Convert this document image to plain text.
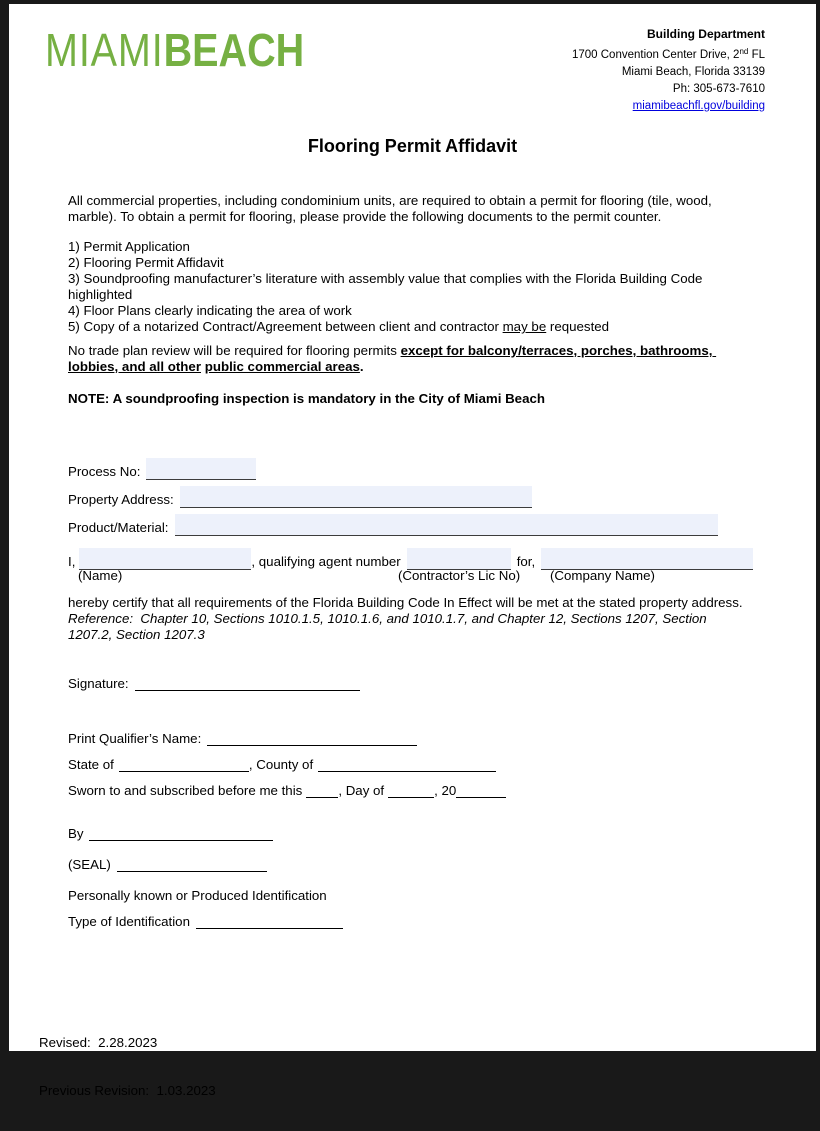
MIAMIBEACH	Building Department
1700 Convention Center Drive, 2nd FL
Miami Beach, Florida 33139
Ph: 305-673-7610
miamibeachfl.gov/building
Flooring Permit Affidavit
All commercial properties, including condominium units, are required to obtain a permit for flooring (tile, wood, marble). To obtain a permit for flooring, please provide the following documents to the permit counter.
1) Permit Application
2) Flooring Permit Affidavit
3) Soundproofing manufacturer’s literature with assembly value that complies with the Florida Building Code highlighted
4) Floor Plans clearly indicating the area of work
5) Copy of a notarized Contract/Agreement between client and contractor may be requested
No trade plan review will be required for flooring permits except for balcony/terraces, porches, bathrooms, lobbies, and all other public commercial areas.
NOTE: A soundproofing inspection is mandatory in the City of Miami Beach
Process No:
Property Address:
Product/Material:
I,	, qualifying agent number	for,
(Name)	(Contractor’s Lic No) (Company Name)
hereby certify that all requirements of the Florida Building Code In Effect will be met at the stated property address.
Reference:  Chapter 10, Sections 1010.1.5, 1010.1.6, and 1010.1.7, and Chapter 12, Sections 1207, Section 1207.2, Section 1207.3
Signature:
Print Qualifier’s Name:
State of	, County of
Sworn to and subscribed before me this	, Day of	, 20
By
(SEAL)
Personally known or Produced Identification
Type of Identification

Revised:  2.28.2023

Previous Revision:  1.03.2023
